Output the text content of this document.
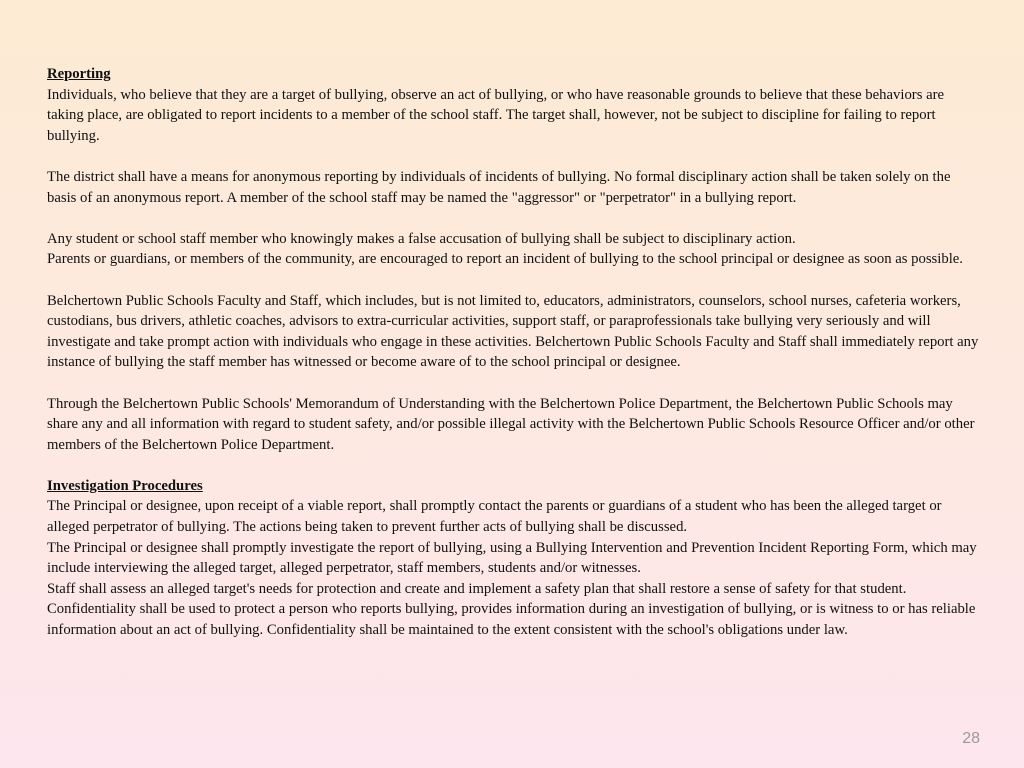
Reporting

Individuals, who believe that they are a target of bullying, observe an act of bullying, or who have reasonable grounds to believe that these behaviors are taking place, are obligated to report incidents to a member of the school staff. The target shall, however, not be subject to discipline for failing to report bullying.

The district shall have a means for anonymous reporting by individuals of incidents of bullying. No formal disciplinary action shall be taken solely on the basis of an anonymous report. A member of the school staff may be named the "aggressor" or "perpetrator" in a bullying report.

Any student or school staff member who knowingly makes a false accusation of bullying shall be subject to disciplinary action.

Parents or guardians, or members of the community, are encouraged to report an incident of bullying to the school principal or designee as soon as possible.

Belchertown Public Schools Faculty and Staff, which includes, but is not limited to, educators, administrators, counselors, school nurses, cafeteria workers, custodians, bus drivers, athletic coaches, advisors to extra-curricular activities, support staff, or paraprofessionals take bullying very seriously and will investigate and take prompt action with individuals who engage in these activities. Belchertown Public Schools Faculty and Staff shall immediately report any instance of bullying the staff member has witnessed or become aware of to the school principal or designee.

Through the Belchertown Public Schools' Memorandum of Understanding with the Belchertown Police Department, the Belchertown Public Schools may share any and all information with regard to student safety, and/or possible illegal activity with the Belchertown Public Schools Resource Officer and/or other members of the Belchertown Police Department.

Investigation Procedures

The Principal or designee, upon receipt of a viable report, shall promptly contact the parents or guardians of a student who has been the alleged target or alleged perpetrator of bullying. The actions being taken to prevent further acts of bullying shall be discussed.

The Principal or designee shall promptly investigate the report of bullying, using a Bullying Intervention and Prevention Incident Reporting Form, which may include interviewing the alleged target, alleged perpetrator, staff members, students and/or witnesses.

Staff shall assess an alleged target's needs for protection and create and implement a safety plan that shall restore a sense of safety for that student.

Confidentiality shall be used to protect a person who reports bullying, provides information during an investigation of bullying, or is witness to or has reliable information about an act of bullying. Confidentiality shall be maintained to the extent consistent with the school's obligations under law.

28
